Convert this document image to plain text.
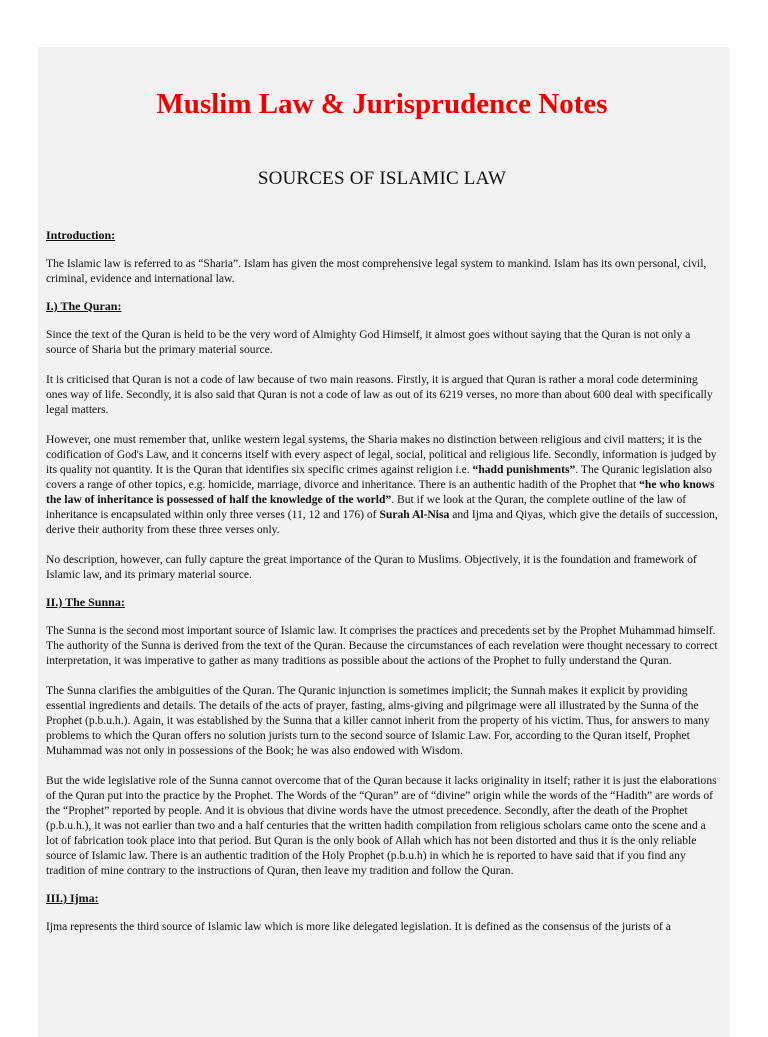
Muslim Law & Jurisprudence Notes
SOURCES OF ISLAMIC LAW
Introduction:

The Islamic law is referred to as “Sharia”. Islam has given the most comprehensive legal system to mankind. Islam has its own personal, civil, criminal, evidence and international law.

I.) The Quran:

Since the text of the Quran is held to be the very word of Almighty God Himself, it almost goes without saying that the Quran is not only a source of Sharia but the primary material source.

It is criticised that Quran is not a code of law because of two main reasons. Firstly, it is argued that Quran is rather a moral code determining ones way of life. Secondly, it is also said that Quran is not a code of law as out of its 6219 verses, no more than about 600 deal with specifically legal matters.

However, one must remember that, unlike western legal systems, the Sharia makes no distinction between religious and civil matters; it is the codification of God's Law, and it concerns itself with every aspect of legal, social, political and religious life. Secondly, information is judged by its quality not quantity. It is the Quran that identifies six specific crimes against religion i.e. “hadd punishments”. The Quranic legislation also covers a range of other topics, e.g. homicide, marriage, divorce and inheritance. There is an authentic hadith of the Prophet that “he who knows the law of inheritance is possessed of half the knowledge of the world”. But if we look at the Quran, the complete outline of the law of inheritance is encapsulated within only three verses (11, 12 and 176) of Surah Al-Nisa and Ijma and Qiyas, which give the details of succession, derive their authority from these three verses only.

No description, however, can fully capture the great importance of the Quran to Muslims. Objectively, it is the foundation and framework of Islamic law, and its primary material source.

II.) The Sunna:

The Sunna is the second most important source of Islamic law. It comprises the practices and precedents set by the Prophet Muhammad himself. The authority of the Sunna is derived from the text of the Quran. Because the circumstances of each revelation were thought necessary to correct interpretation, it was imperative to gather as many traditions as possible about the actions of the Prophet to fully understand the Quran.

The Sunna clarifies the ambiguities of the Quran. The Quranic injunction is sometimes implicit; the Sunnah makes it explicit by providing essential ingredients and details. The details of the acts of prayer, fasting, alms-giving and pilgrimage were all illustrated by the Sunna of the Prophet (p.b.u.h.). Again, it was established by the Sunna that a killer cannot inherit from the property of his victim. Thus, for answers to many problems to which the Quran offers no solution jurists turn to the second source of Islamic Law. For, according to the Quran itself, Prophet Muhammad was not only in possessions of the Book; he was also endowed with Wisdom.

But the wide legislative role of the Sunna cannot overcome that of the Quran because it lacks originality in itself; rather it is just the elaborations of the Quran put into the practice by the Prophet. The Words of the “Quran” are of “divine” origin while the words of the “Hadith” are words of the “Prophet” reported by people. And it is obvious that divine words have the utmost precedence. Secondly, after the death of the Prophet (p.b.u.h.), it was not earlier than two and a half centuries that the written hadith compilation from religious scholars came onto the scene and a lot of fabrication took place into that period. But Quran is the only book of Allah which has not been distorted and thus it is the only reliable source of Islamic law. There is an authentic tradition of the Holy Prophet (p.b.u.h) in which he is reported to have said that if you find any tradition of mine contrary to the instructions of Quran, then leave my tradition and follow the Quran.

III.) Ijma:

Ijma represents the third source of Islamic law which is more like delegated legislation. It is defined as the consensus of the jurists of a
